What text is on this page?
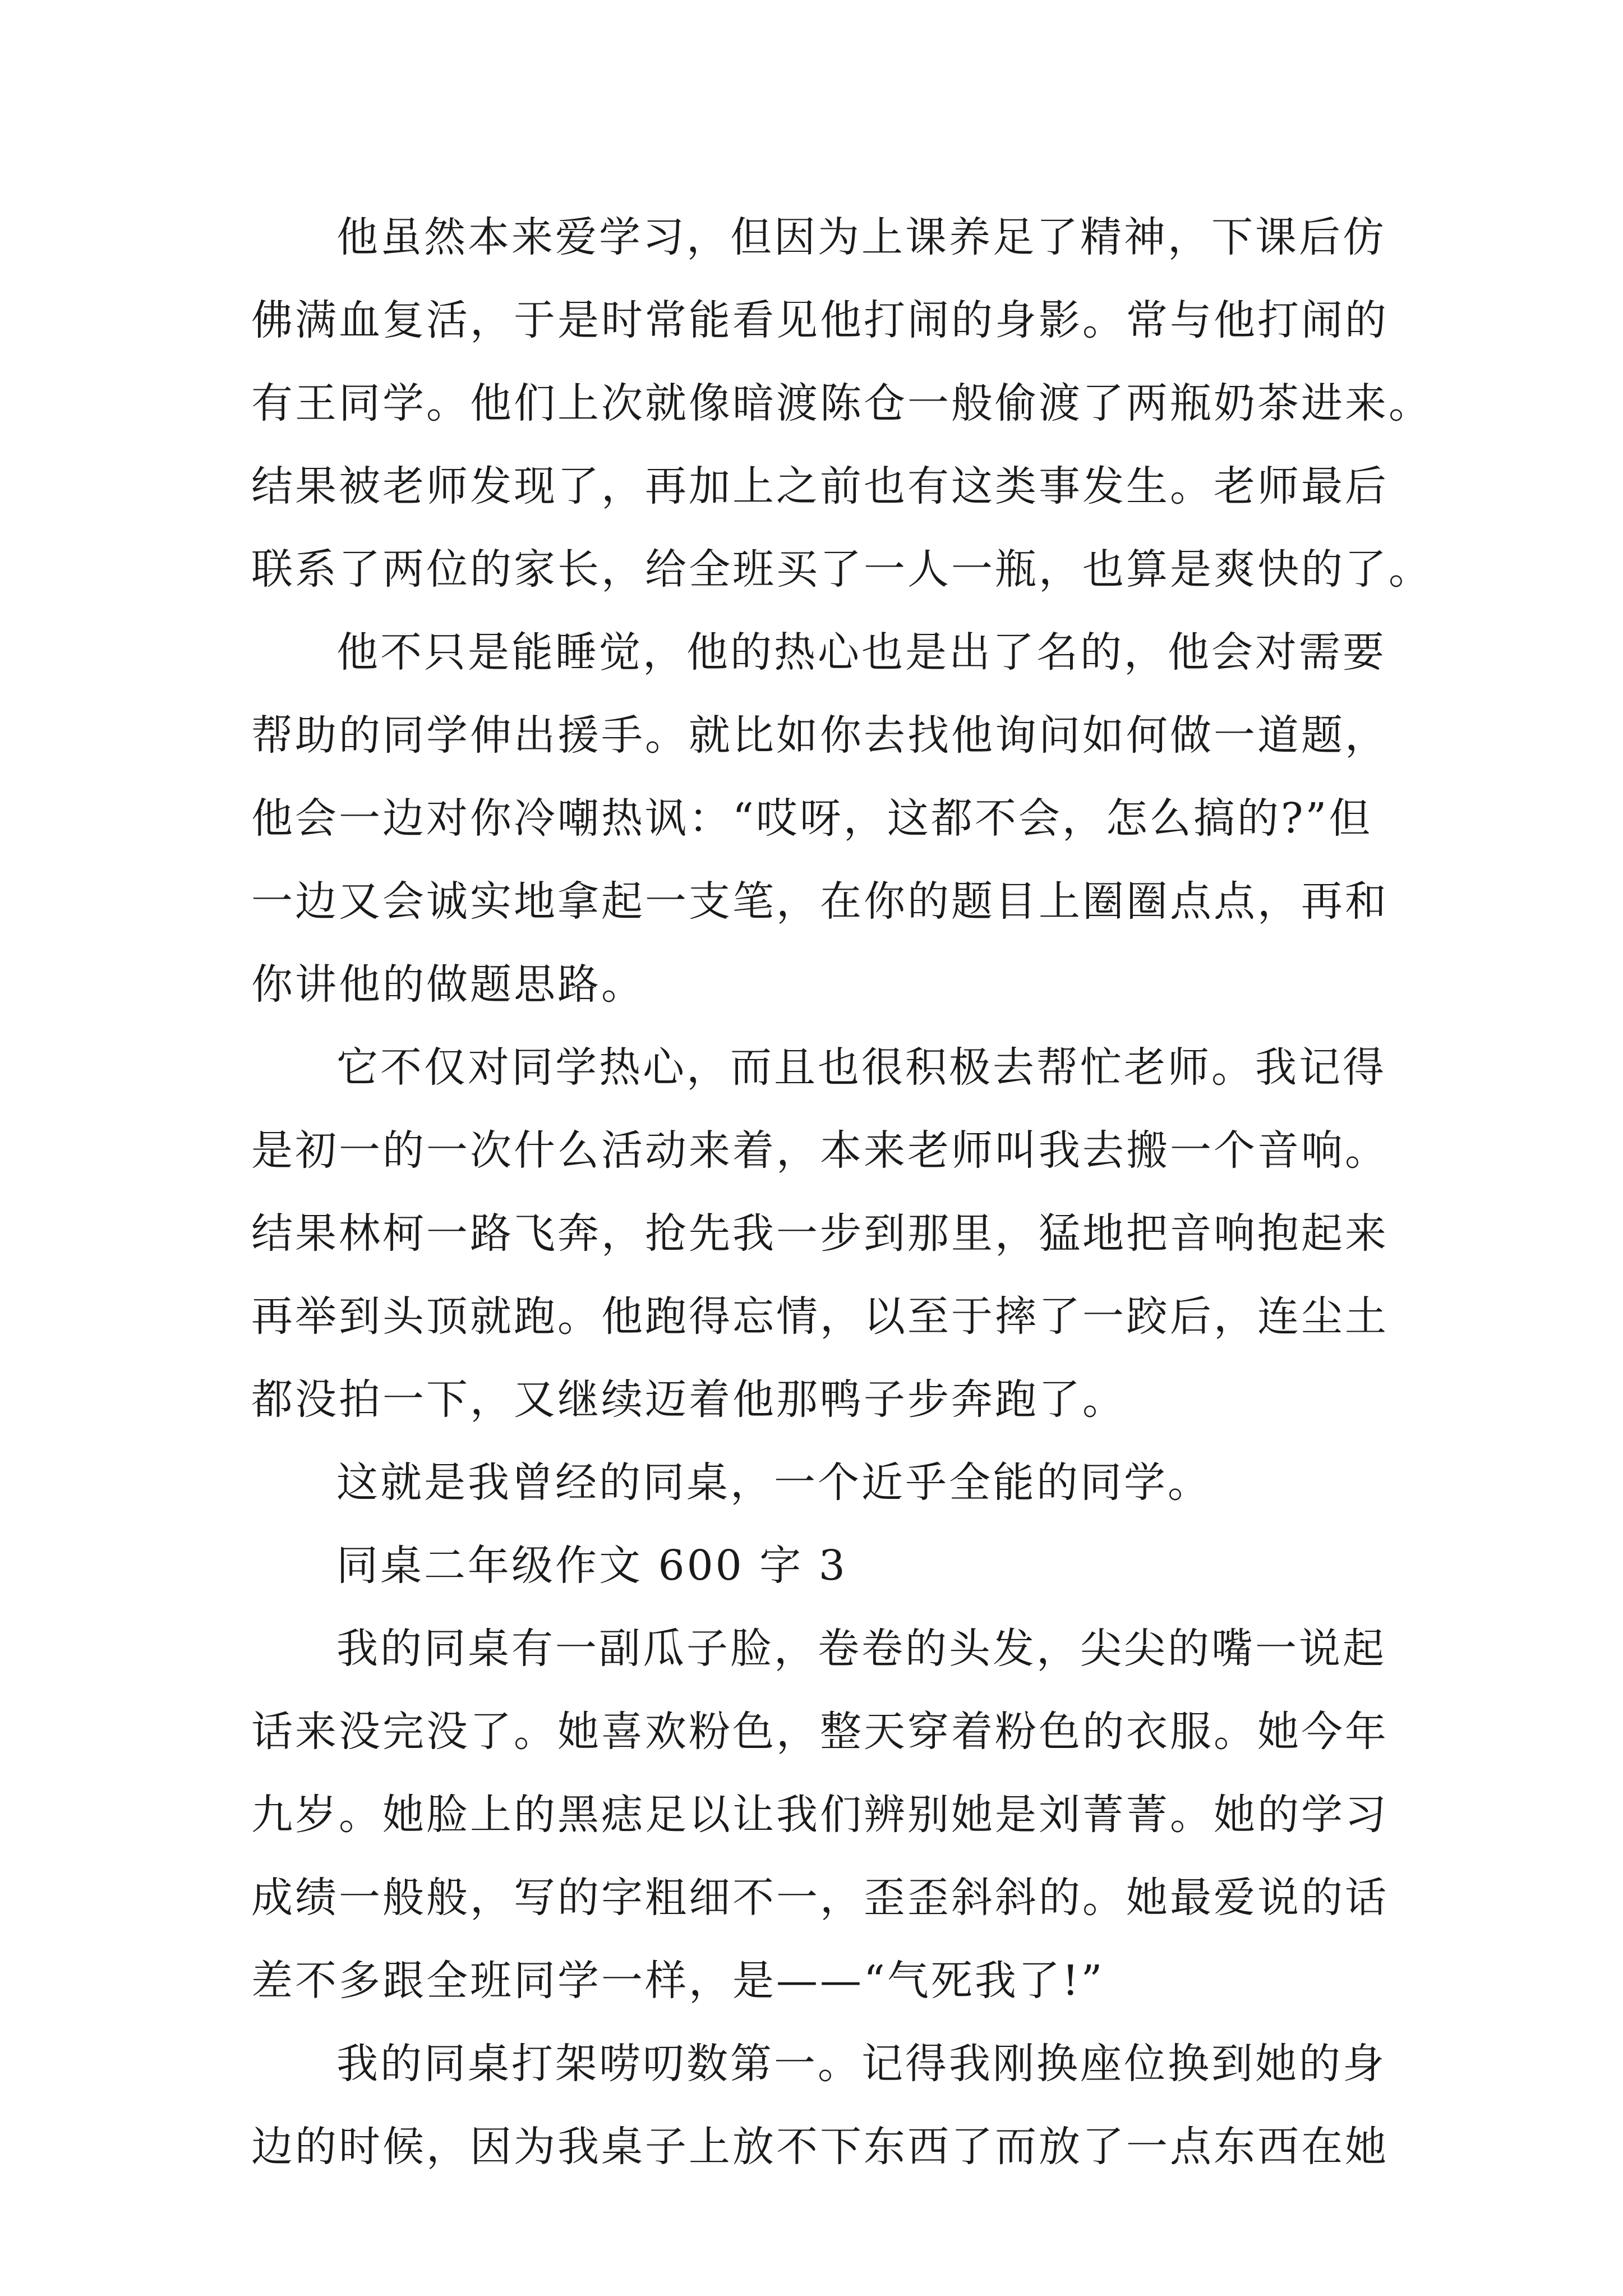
他虽然本来爱学习，但因为上课养足了精神，下课后仿
佛满血复活，于是时常能看见他打闹的身影。常与他打闹的
有王同学。他们上次就像暗渡陈仓一般偷渡了两瓶奶茶进来。
结果被老师发现了，再加上之前也有这类事发生。老师最后
联系了两位的家长，给全班买了一人一瓶，也算是爽快的了。
他不只是能睡觉，他的热心也是出了名的，他会对需要
帮助的同学伸出援手。就比如你去找他询问如何做一道题，
他会一边对你冷嘲热讽：“哎呀，这都不会，怎么搞的?”但
一边又会诚实地拿起一支笔，在你的题目上圈圈点点，再和
你讲他的做题思路。
它不仅对同学热心，而且也很积极去帮忙老师。我记得
是初一的一次什么活动来着，本来老师叫我去搬一个音响。
结果林柯一路飞奔，抢先我一步到那里，猛地把音响抱起来
再举到头顶就跑。他跑得忘情，以至于摔了一跤后，连尘土
都没拍一下，又继续迈着他那鸭子步奔跑了。
这就是我曾经的同桌，一个近乎全能的同学。
同桌二年级作文 600 字 3
我的同桌有一副瓜子脸，卷卷的头发，尖尖的嘴一说起
话来没完没了。她喜欢粉色，整天穿着粉色的衣服。她今年
九岁。她脸上的黑痣足以让我们辨别她是刘菁菁。她的学习
成绩一般般，写的字粗细不一，歪歪斜斜的。她最爱说的话
差不多跟全班同学一样，是——“气死我了!”
我的同桌打架唠叨数第一。记得我刚换座位换到她的身
边的时候，因为我桌子上放不下东西了而放了一点东西在她
